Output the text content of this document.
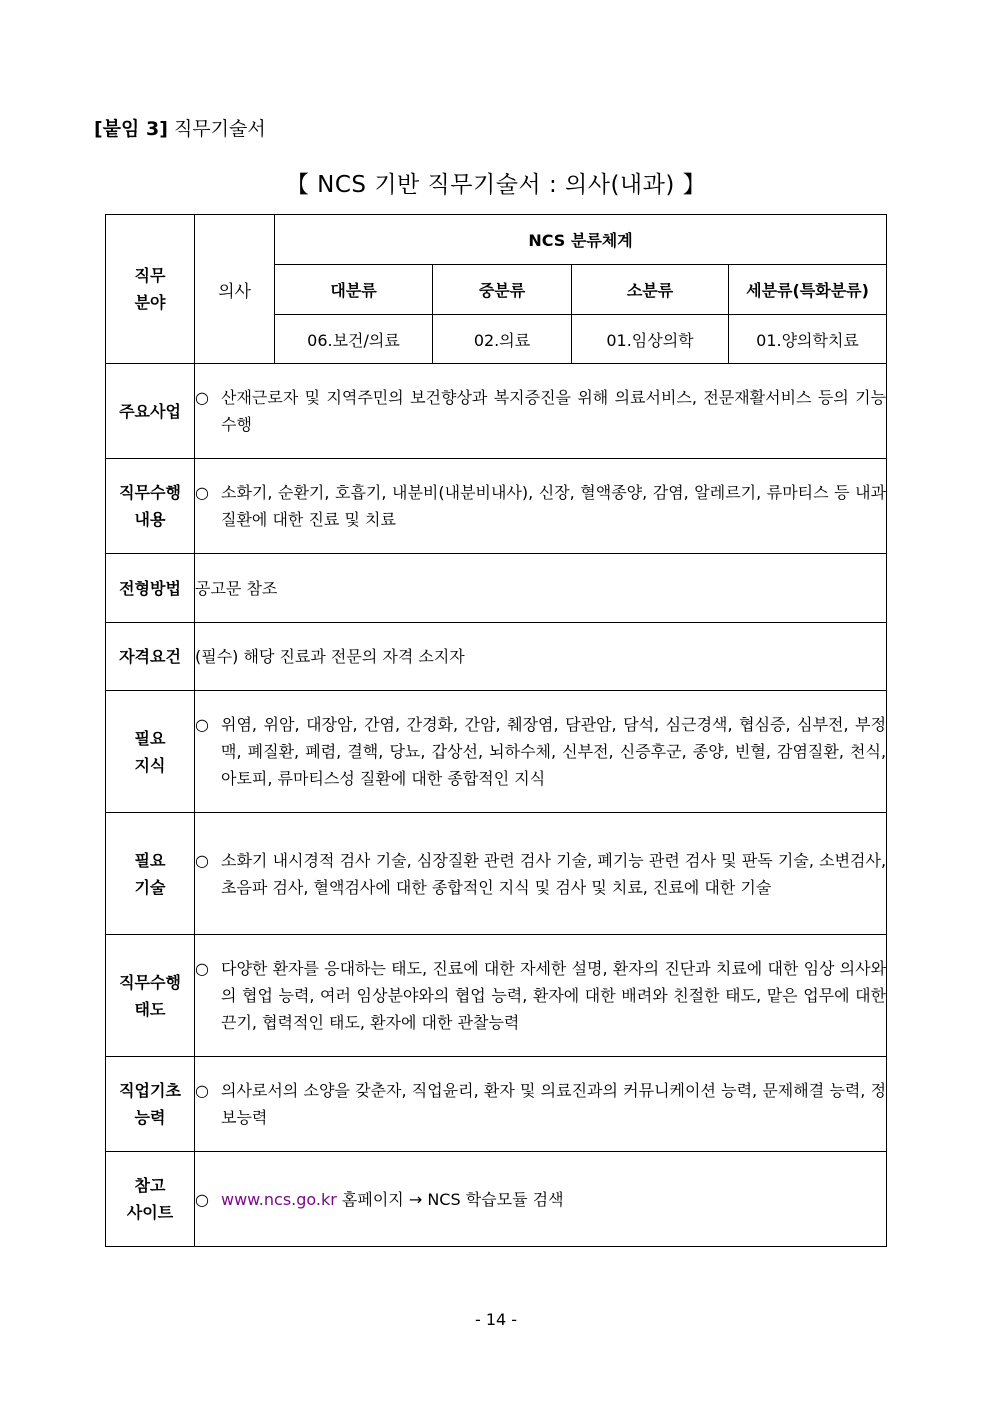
[붙임 3] 직무기술서
【 NCS 기반 직무기술서 : 의사(내과) 】
직무
분야	의사	NCS 분류체계			
		대분류	중분류	소분류	세분류(특화분류)
		06.보건/의료	02.의료	01.임상의학	01.양의학치료
주요사업	○ 산재근로자 및 지역주민의 보건향상과 복지증진을 위해 의료서비스, 전문재활서비스 등의 기능 수행				

직무수행
내용	○ 소화기, 순환기, 호흡기, 내분비(내분비내사), 신장, 혈액종양, 감염, 알레르기, 류마티스 등 내과 질환에 대한 진료 및 치료				

전형방법	공고문 참조				
자격요건	(필수) 해당 진료과 전문의 자격 소지자				
필요
지식	○ 위염, 위암, 대장암, 간염, 간경화, 간암, 췌장염, 담관암, 담석, 심근경색, 협심증, 심부전, 부정맥, 폐질환, 폐렴, 결핵, 당뇨, 갑상선, 뇌하수체, 신부전, 신증후군, 종양, 빈혈, 감염질환, 천식, 아토피, 류마티스성 질환에 대한 종합적인 지식				

필요
기술	○ 소화기 내시경적 검사 기술, 심장질환 관련 검사 기술, 폐기능 관련 검사 및 판독 기술, 소변검사, 초음파 검사, 혈액검사에 대한 종합적인 지식 및 검사 및 치료, 진료에 대한 기술				

직무수행
태도	○ 다양한 환자를 응대하는 태도, 진료에 대한 자세한 설명, 환자의 진단과 치료에 대한 임상 의사와의 협업 능력, 여러 임상분야와의 협업 능력, 환자에 대한 배려와 친절한 태도, 맡은 업무에 대한 끈기, 협력적인 태도, 환자에 대한 관찰능력				

직업기초
능력	○ 의사로서의 소양을 갖춘자, 직업윤리, 환자 및 의료진과의 커뮤니케이션 능력, 문제해결 능력, 정보능력				

참고
사이트	○ www.ncs.go.kr 홈페이지 → NCS 학습모듈 검색				
- 14 -
